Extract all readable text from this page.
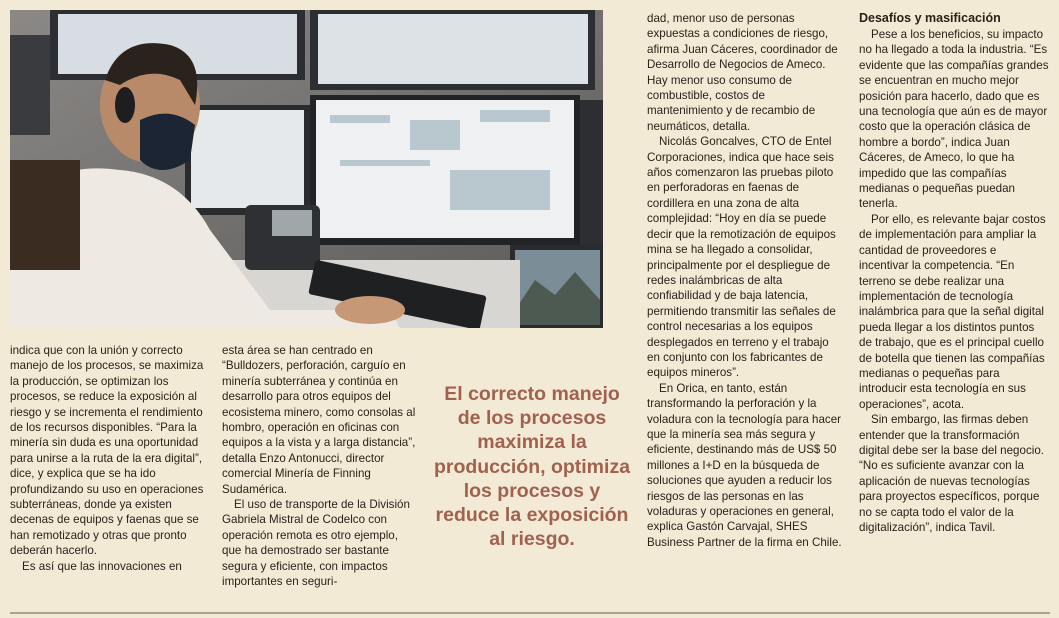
indica que con la unión y correcto manejo de los procesos, se maximiza la producción, se optimizan los procesos, se reduce la exposición al riesgo y se incrementa el rendimiento de los recursos disponibles. “Para la minería sin duda es una oportunidad para unirse a la ruta de la era digital”, dice, y explica que se ha ido profundizando su uso en operaciones subterráneas, donde ya existen decenas de equipos y faenas que se han remotizado y otras que pronto deberán hacerlo.

Es así que las innovaciones en

esta área se han centrado en “Bulldozers, perforación, carguío en minería subterránea y continúa en desarrollo para otros equipos del ecosistema minero, como consolas al hombro, operación en oficinas con equipos a la vista y a larga distancia”, detalla Enzo Antonucci, director comercial Minería de Finning Sudamérica.

El uso de transporte de la División Gabriela Mistral de Codelco con operación remota es otro ejemplo, que ha demostrado ser bastante segura y eficiente, con impactos importantes en seguri-

El correcto manejo de los procesos maximiza la producción, optimiza los procesos y reduce la exposición al riesgo.

dad, menor uso de personas expuestas a condiciones de riesgo, afirma Juan Cáceres, coordinador de Desarrollo de Negocios de Ameco. Hay menor uso consumo de combustible, costos de mantenimiento y de recambio de neumáticos, detalla.

Nicolás Goncalves, CTO de Entel Corporaciones, indica que hace seis años comenzaron las pruebas piloto en perforadoras en faenas de cordillera en una zona de alta complejidad: “Hoy en día se puede decir que la remotización de equipos mina se ha llegado a consolidar, principalmente por el despliegue de redes inalámbricas de alta confiabilidad y de baja latencia, permitiendo transmitir las señales de control necesarias a los equipos desplegados en terreno y el trabajo en conjunto con los fabricantes de equipos mineros”.

En Orica, en tanto, están transformando la perforación y la voladura con la tecnología para hacer que la minería sea más segura y eficiente, destinando más de US$ 50 millones a I+D en la búsqueda de soluciones que ayuden a reducir los riesgos de las personas en las voladuras y operaciones en general, explica Gastón Carvajal, SHES Business Partner de la firma en Chile.

Desafíos y masificación

Pese a los beneficios, su impacto no ha llegado a toda la industria. “Es evidente que las compañías grandes se encuentran en mucho mejor posición para hacerlo, dado que es una tecnología que aún es de mayor costo que la operación clásica de hombre a bordo”, indica Juan Cáceres, de Ameco, lo que ha impedido que las compañías medianas o pequeñas puedan tenerla.

Por ello, es relevante bajar costos de implementación para ampliar la cantidad de proveedores e incentivar la competencia. “En terreno se debe realizar una implementación de tecnología inalámbrica para que la señal digital pueda llegar a los distintos puntos de trabajo, que es el principal cuello de botella que tienen las compañías medianas o pequeñas para introducir esta tecnología en sus operaciones”, acota.

Sin embargo, las firmas deben entender que la transformación digital debe ser la base del negocio. “No es suficiente avanzar con la aplicación de nuevas tecnologías para proyectos específicos, porque no se capta todo el valor de la digitalización”, indica Tavil.
